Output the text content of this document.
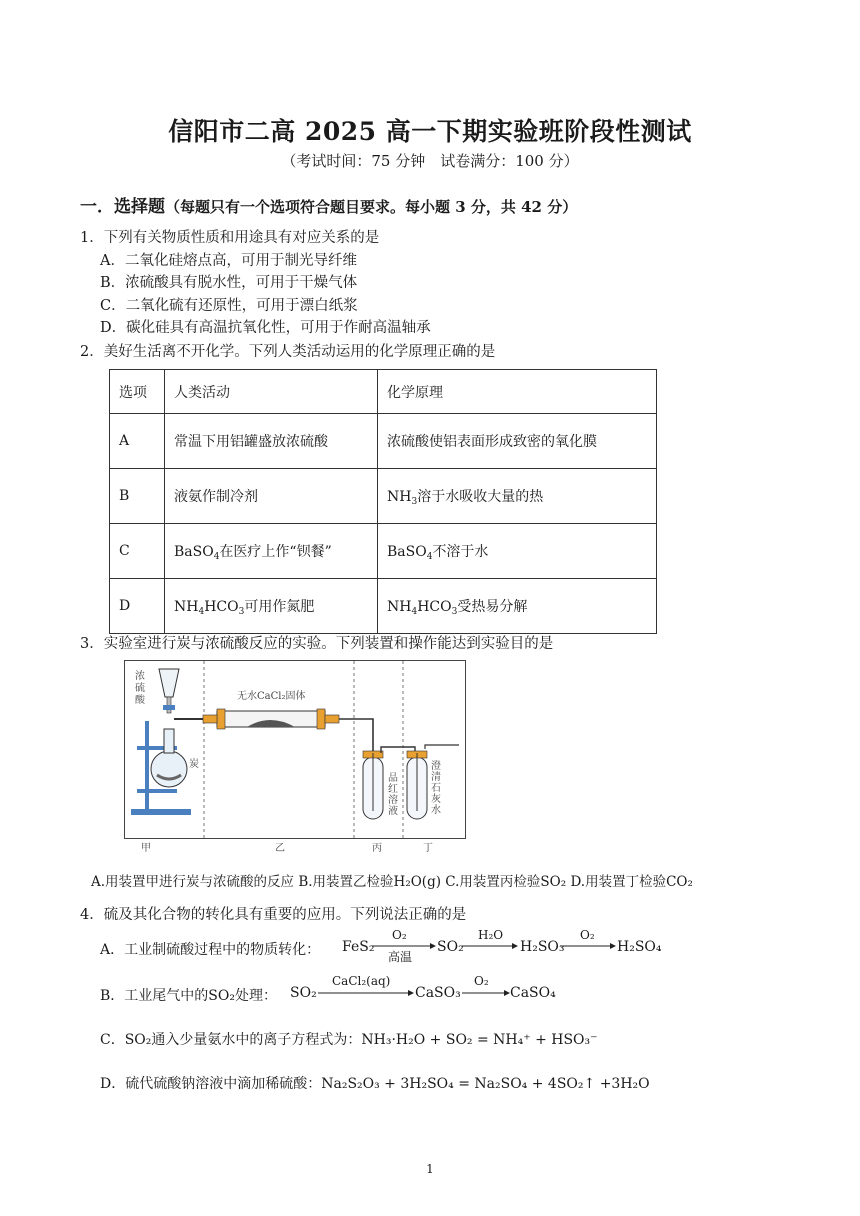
信阳市二高 2025 高一下期实验班阶段性测试
（考试时间：75 分钟　试卷满分：100 分）
一．选择题（每题只有一个选项符合题目要求。每小题 3 分，共 42 分）
1．下列有关物质性质和用途具有对应关系的是
A．二氧化硅熔点高，可用于制光导纤维
B．浓硫酸具有脱水性，可用于干燥气体
C．二氧化硫有还原性，可用于漂白纸浆
D．碳化硅具有高温抗氧化性，可用于作耐高温轴承
2．美好生活离不开化学。下列人类活动运用的化学原理正确的是
选项	人类活动	化学原理
A	常温下用铝罐盛放浓硫酸	浓硫酸使铝表面形成致密的氧化膜
B	液氨作制冷剂	$NH_3$溶于水吸收大量的热
C	BaSO$_4$在医疗上作“钡餐”	BaSO$_4$不溶于水
D	$NH_4HCO_3$可用作氮肥	$NH_4HCO_3$受热易分解
3．实验室进行炭与浓硫酸反应的实验。下列装置和操作能达到实验目的是
浓硫酸
炭
无水CaCl₂固体
品红溶液
澄清石灰水
甲	乙	丙	丁
A.用装置甲进行炭与浓硫酸的反应 B.用装置乙检验H₂O(g) C.用装置丙检验SO₂ D.用装置丁检验CO₂
4．硫及其化合物的转化具有重要的应用。下列说法正确的是
A．工业制硫酸过程中的物质转化： FeS₂	SO₂	H₂SO₃	H₂SO₄
O₂
高温
H₂O	O₂
B．工业尾气中的SO₂处理： SO₂	CaSO₃	CaSO₄
CaCl₂(aq)	O₂
C．SO₂通入少量氨水中的离子方程式为：NH₃·H₂O + SO₂ = NH₄⁺ + HSO₃⁻
D．硫代硫酸钠溶液中滴加稀硫酸：Na₂S₂O₃ + 3H₂SO₄ = Na₂SO₄ + 4SO₂↑ +3H₂O
1
